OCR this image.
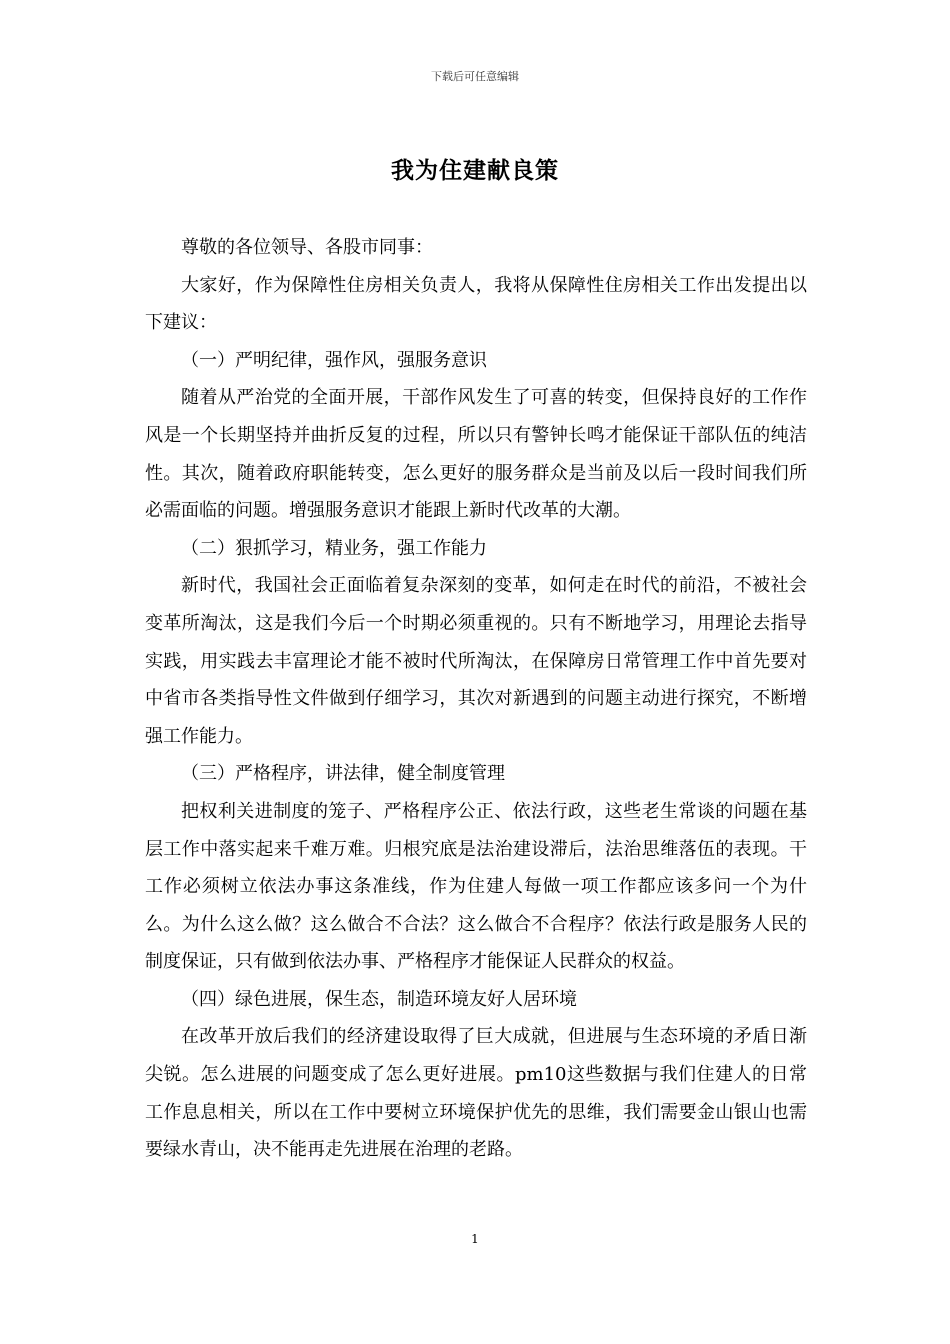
下载后可任意编辑
我为住建献良策

尊敬的各位领导、各股市同事：

大家好，作为保障性住房相关负责人，我将从保障性住房相关工作出发提出以下建议：

（一）严明纪律，强作风，强服务意识

随着从严治党的全面开展，干部作风发生了可喜的转变，但保持良好的工作作风是一个长期坚持并曲折反复的过程，所以只有警钟长鸣才能保证干部队伍的纯洁性。其次，随着政府职能转变，怎么更好的服务群众是当前及以后一段时间我们所必需面临的问题。增强服务意识才能跟上新时代改革的大潮。

（二）狠抓学习，精业务，强工作能力

新时代，我国社会正面临着复杂深刻的变革，如何走在时代的前沿，不被社会变革所淘汰，这是我们今后一个时期必须重视的。只有不断地学习，用理论去指导实践，用实践去丰富理论才能不被时代所淘汰，在保障房日常管理工作中首先要对中省市各类指导性文件做到仔细学习，其次对新遇到的问题主动进行探究，不断增强工作能力。

（三）严格程序，讲法律，健全制度管理

把权利关进制度的笼子、严格程序公正、依法行政，这些老生常谈的问题在基层工作中落实起来千难万难。归根究底是法治建设滞后，法治思维落伍的表现。干工作必须树立依法办事这条准线，作为住建人每做一项工作都应该多问一个为什么。为什么这么做？这么做合不合法？这么做合不合程序？依法行政是服务人民的制度保证，只有做到依法办事、严格程序才能保证人民群众的权益。

（四）绿色进展，保生态，制造环境友好人居环境

在改革开放后我们的经济建设取得了巨大成就，但进展与生态环境的矛盾日渐尖锐。怎么进展的问题变成了怎么更好进展。pm10这些数据与我们住建人的日常工作息息相关，所以在工作中要树立环境保护优先的思维，我们需要金山银山也需要绿水青山，决不能再走先进展在治理的老路。

1
